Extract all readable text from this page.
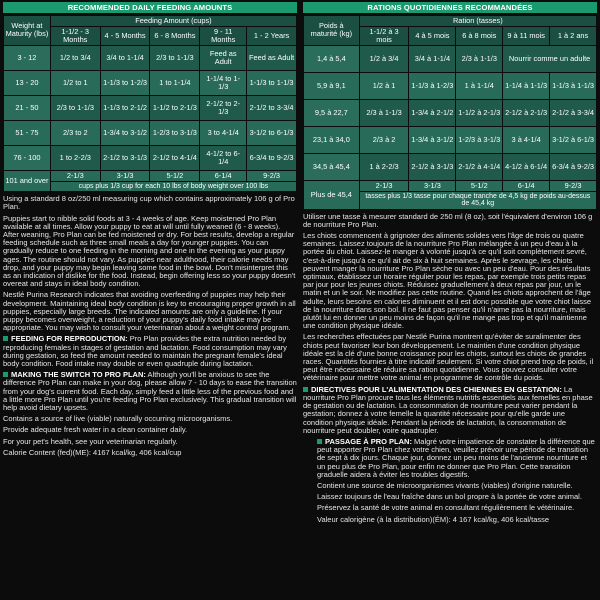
RECOMMENDED DAILY FEEDING AMOUNTS
Weight at Maturity (lbs)	Feeding Amount (cups)				
	1-1/2 - 3 Months	4 - 5 Months	6 - 8 Months	9 - 11 Months	1 - 2 Years
3 - 12	1/2 to 3/4	3/4 to 1-1/4	2/3 to 1-1/3	Feed as Adult	Feed as Adult
13 - 20	1/2 to 1	1-1/3 to 1-2/3	1 to 1-1/4	1-1/4 to 1-1/3	1-1/3 to 1-1/3
21 - 50	2/3 to 1-1/3	1-1/3 to 2-1/2	1-1/2 to 2-1/3	2-1/2 to 2-1/3	2-1/2 to 3-3/4
51 - 75	2/3 to 2	1-3/4 to 3-1/2	1-2/3 to 3-1/3	3 to 4-1/4	3-1/2 to 6-1/3
76 - 100	1 to 2-2/3	2-1/2 to 3-1/3	2-1/2 to 4-1/4	4-1/2 to 6-1/4	6-3/4 to 9-2/3
101 and over	2-1/3	3-1/3	5-1/2	6-1/4	9-2/3
	cups plus 1/3 cup for each 10 lbs of body weight over 100 lbs				

Using a standard 8 oz/250 ml measuring cup which contains approximately 106 g of Pro Plan.

Puppies start to nibble solid foods at 3 - 4 weeks of age. Keep moistened Pro Plan available at all times. Allow your puppy to eat at will until fully weaned (6 - 8 weeks). After weaning, Pro Plan can be fed moistened or dry. For best results, develop a regular feeding schedule such as three small meals a day for younger puppies. You can gradually reduce to one feeding in the morning and one in the evening as your puppy ages. The routine should not vary. As puppies near adulthood, their calorie needs may drop, and your puppy may begin leaving some food in the bowl. Don't misinterpret this as an indication of dislike for the food. Instead, begin offering less so your puppy doesn't overeat and stays in ideal body condition.

Nestlé Purina Research indicates that avoiding overfeeding of puppies may help their development. Maintaining ideal body condition is key to encouraging proper growth in all puppies, especially large breeds. The indicated amounts are only a guideline. If your puppy becomes overweight, a reduction of your puppy's daily food intake may be appropriate. You may wish to consult your veterinarian about a weight control program.

FEEDING FOR REPRODUCTION: Pro Plan provides the extra nutrition needed by reproducing females in stages of gestation and lactation. Food consumption may vary during gestation, so feed the amount needed to maintain the pregnant female's ideal body condition. Food intake may double or even quadruple during lactation.

MAKING THE SWITCH TO PRO PLAN: Although you'll be anxious to see the difference Pro Plan can make in your dog, please allow 7 - 10 days to ease the transition from your dog's current food. Each day, simply feed a little less of the previous food and a little more Pro Plan until you're feeding Pro Plan exclusively. This gradual transition will help avoid dietary upsets.

Contains a source of live (viable) naturally occurring microorganisms.

Provide adequate fresh water in a clean container daily.

For your pet's health, see your veterinarian regularly.

Calorie Content (fed)(ME): 4167 kcal/kg, 406 kcal/cup

RATIONS QUOTIDIENNES RECOMMANDÉES
Poids à maturité (kg)	Ration (tasses)				
	1-1/2 à 3 mois	4 à 5 mois	6 à 8 mois	9 à 11 mois	1 à 2 ans
1,4 à 5,4	1/2 à 3/4	3/4 à 1-1/4	2/3 à 1-1/3	Nourrir comme un adulte	
5,9 à 9,1	1/2 à 1	1-1/3 à 1-2/3	1 à 1-1/4	1-1/4 à 1-1/3	1-1/3 à 1-1/3
9,5 à 22,7	2/3 à 1-1/3	1-3/4 à 2-1/2	1-1/2 à 2-1/3	2-1/2 à 2-1/3	2-1/2 à 3-3/4
23,1 à 34,0	2/3 à 2	1-3/4 à 3-1/2	1-2/3 à 3-1/3	3 à 4-1/4	3-1/2 à 6-1/3
34,5 à 45,4	1 à 2-2/3	2-1/2 à 3-1/3	2-1/2 à 4-1/4	4-1/2 à 6-1/4	6-3/4 à 9-2/3
Plus de 45,4	2-1/3	3-1/3	5-1/2	6-1/4	9-2/3
	tasses plus 1/3 tasse pour chaque tranche de 4,5 kg de poids au-dessus de 45,4 kg				

Utiliser une tasse à mesurer standard de 250 ml (8 oz), soit l'équivalent d'environ 106 g de nourriture Pro Plan.

Les chiots commencent à grignoter des aliments solides vers l'âge de trois ou quatre semaines. Laissez toujours de la nourriture Pro Plan mélangée à un peu d'eau à la portée du chiot. Laissez-le manger à volonté jusqu'à ce qu'il soit complètement sevré, c'est-à-dire jusqu'à ce qu'il ait de six à huit semaines. Après le sevrage, les chiots peuvent manger la nourriture Pro Plan sèche ou avec un peu d'eau. Pour des résultats optimaux, établissez un horaire régulier pour les repas, par exemple trois petits repas par jour pour les jeunes chiots. Réduisez graduellement à deux repas par jour, un le matin et un le soir. Ne modifiez pas cette routine. Quand les chiots approchent de l'âge adulte, leurs besoins en calories diminuent et il est donc possible que votre chiot laisse de la nourriture dans son bol. Il ne faut pas penser qu'il n'aime pas la nourriture, mais plutôt lui en donner un peu moins de façon qu'il ne mange pas trop et qu'il maintienne une condition physique idéale.

Les recherches effectuées par Nestlé Purina montrent qu'éviter de suralimenter des chiots peut favoriser leur bon développement. Le maintien d'une condition physique idéale est la clé d'une bonne croissance pour les chiots, surtout les chiots de grandes races. Quantités fournies à titre indicatif seulement. Si votre chiot prend trop de poids, il peut être nécessaire de réduire sa ration quotidienne. Vous pouvez consulter votre vétérinaire pour mettre votre animal en programme de contrôle du poids.

DIRECTIVES POUR L'ALIMENTATION DES CHIENNES EN GESTATION: La nourriture Pro Plan procure tous les éléments nutritifs essentiels aux femelles en phase de gestation ou de lactation. La consommation de nourriture peut varier pendant la gestation; donnez à votre femelle la quantité nécessaire pour qu'elle garde une condition physique idéale. Pendant la période de lactation, la consommation de nourriture peut doubler, voire quadrupler.

PASSAGE À PRO PLAN: Malgré votre impatience de constater la différence que peut apporter Pro Plan chez votre chien, veuillez prévoir une période de transition de sept à dix jours. Chaque jour, donnez un peu moins de l'ancienne nourriture et un peu plus de Pro Plan, pour enfin ne donner que Pro Plan. Cette transition graduelle aidera à éviter les troubles digestifs.

Contient une source de microorganismes vivants (viables) d'origine naturelle.

Laissez toujours de l'eau fraîche dans un bol propre à la portée de votre animal.

Préservez la santé de votre animal en consultant régulièrement le vétérinaire.

Valeur calorigène (à la distribution)(ÉM): 4 167 kcal/kg, 406 kcal/tasse
